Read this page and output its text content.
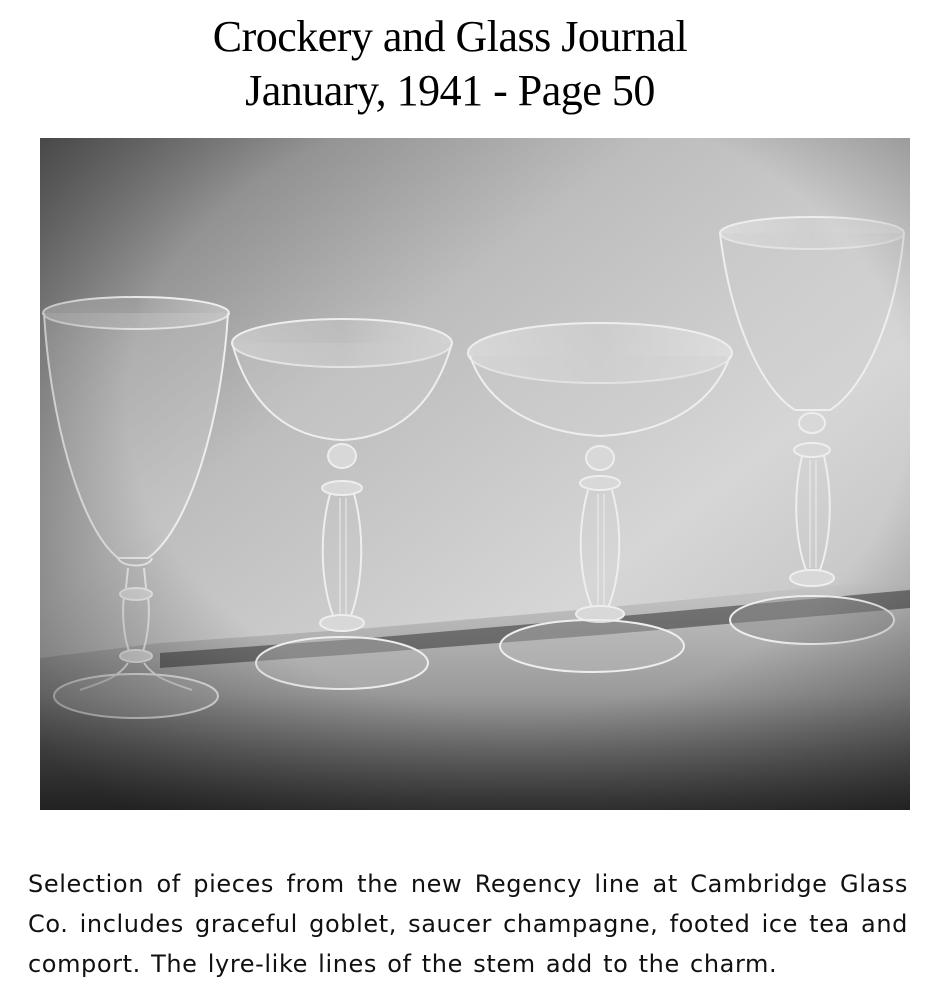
Crockery and Glass Journal
January, 1941 - Page 50

Selection of pieces from the new Regency line at Cambridge Glass Co. includes graceful goblet, saucer champagne, footed ice tea and comport. The lyre-like lines of the stem add to the charm.
